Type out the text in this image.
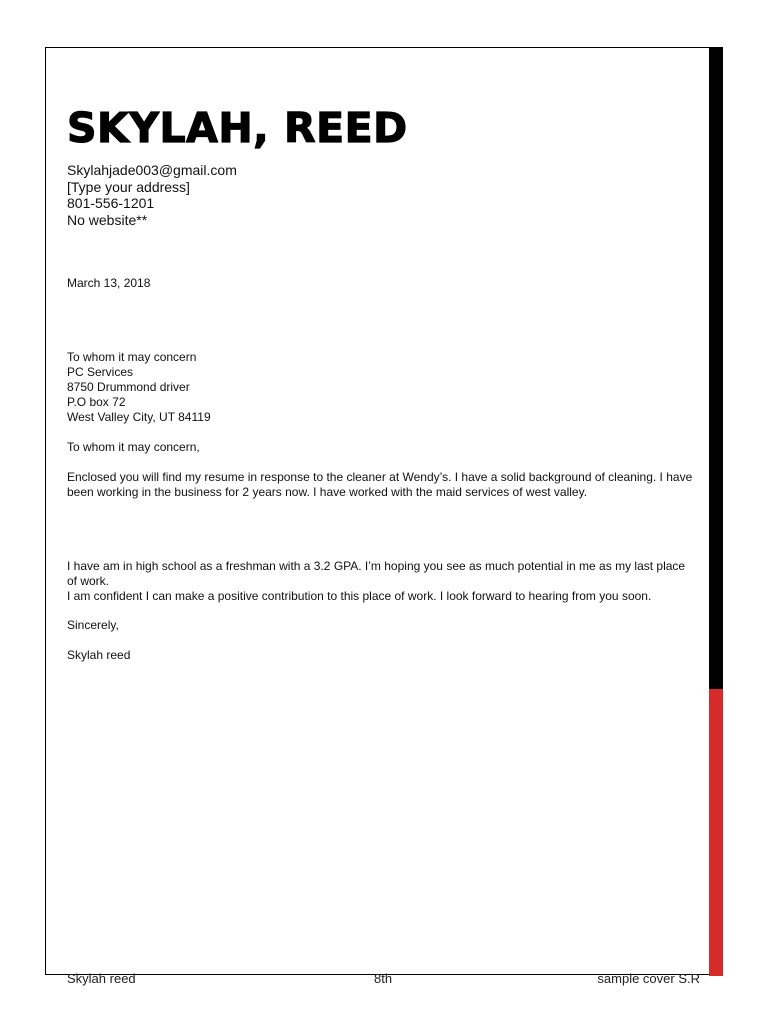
SKYLAH, REED
Skylahjade003@gmail.com
[Type your address]
801-556-1201
No website**
March 13, 2018
To whom it may concern
PC Services
8750 Drummond driver
P.O box 72
West Valley City, UT 84119
To whom it may concern,
Enclosed you will find my resume in response to the cleaner at Wendy’s. I have a solid background of cleaning. I have been working in the business for 2 years now. I have worked with the maid services of west valley.
I have am in high school as a freshman with a 3.2 GPA. I’m hoping you see as much potential in me as my last place of work.
I am confident I can make a positive contribution to this place of work. I look forward to hearing from you soon.
Sincerely,
Skylah reed
Skylah reed	8th	sample cover S.R
